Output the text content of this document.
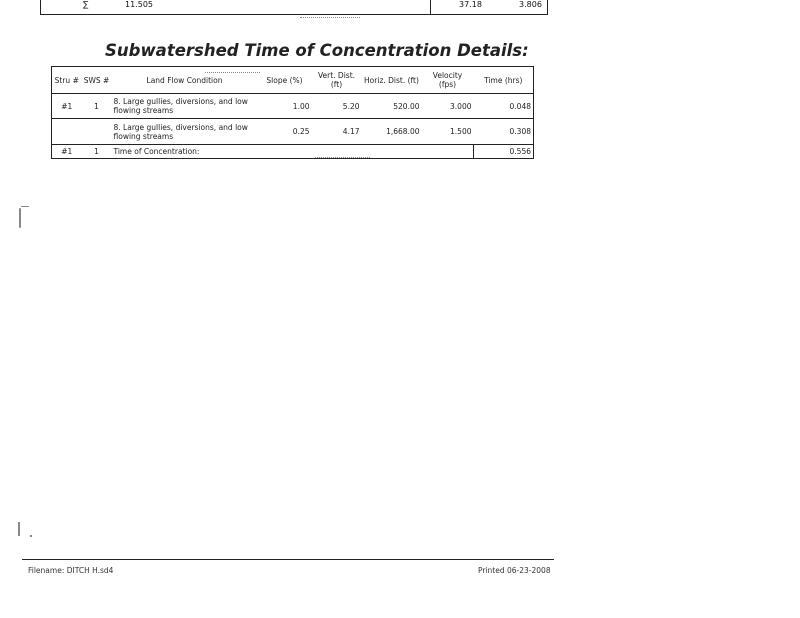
∑	11.505	37.18	3.806
Subwatershed Time of Concentration Details:
Stru #	SWS #	Land Flow Condition	Slope (%)	Vert. Dist. (ft)	Horiz. Dist. (ft)	Velocity (fps)	Time (hrs)
#1	1	8. Large gullies, diversions, and low flowing streams	1.00	5.20	520.00	3.000	0.048
		8. Large gullies, diversions, and low flowing streams	0.25	4.17	1,668.00	1.500	0.308
#1	1	Time of Concentration:					0.556
Filename: DITCH H.sd4	Printed 06-23-2008
